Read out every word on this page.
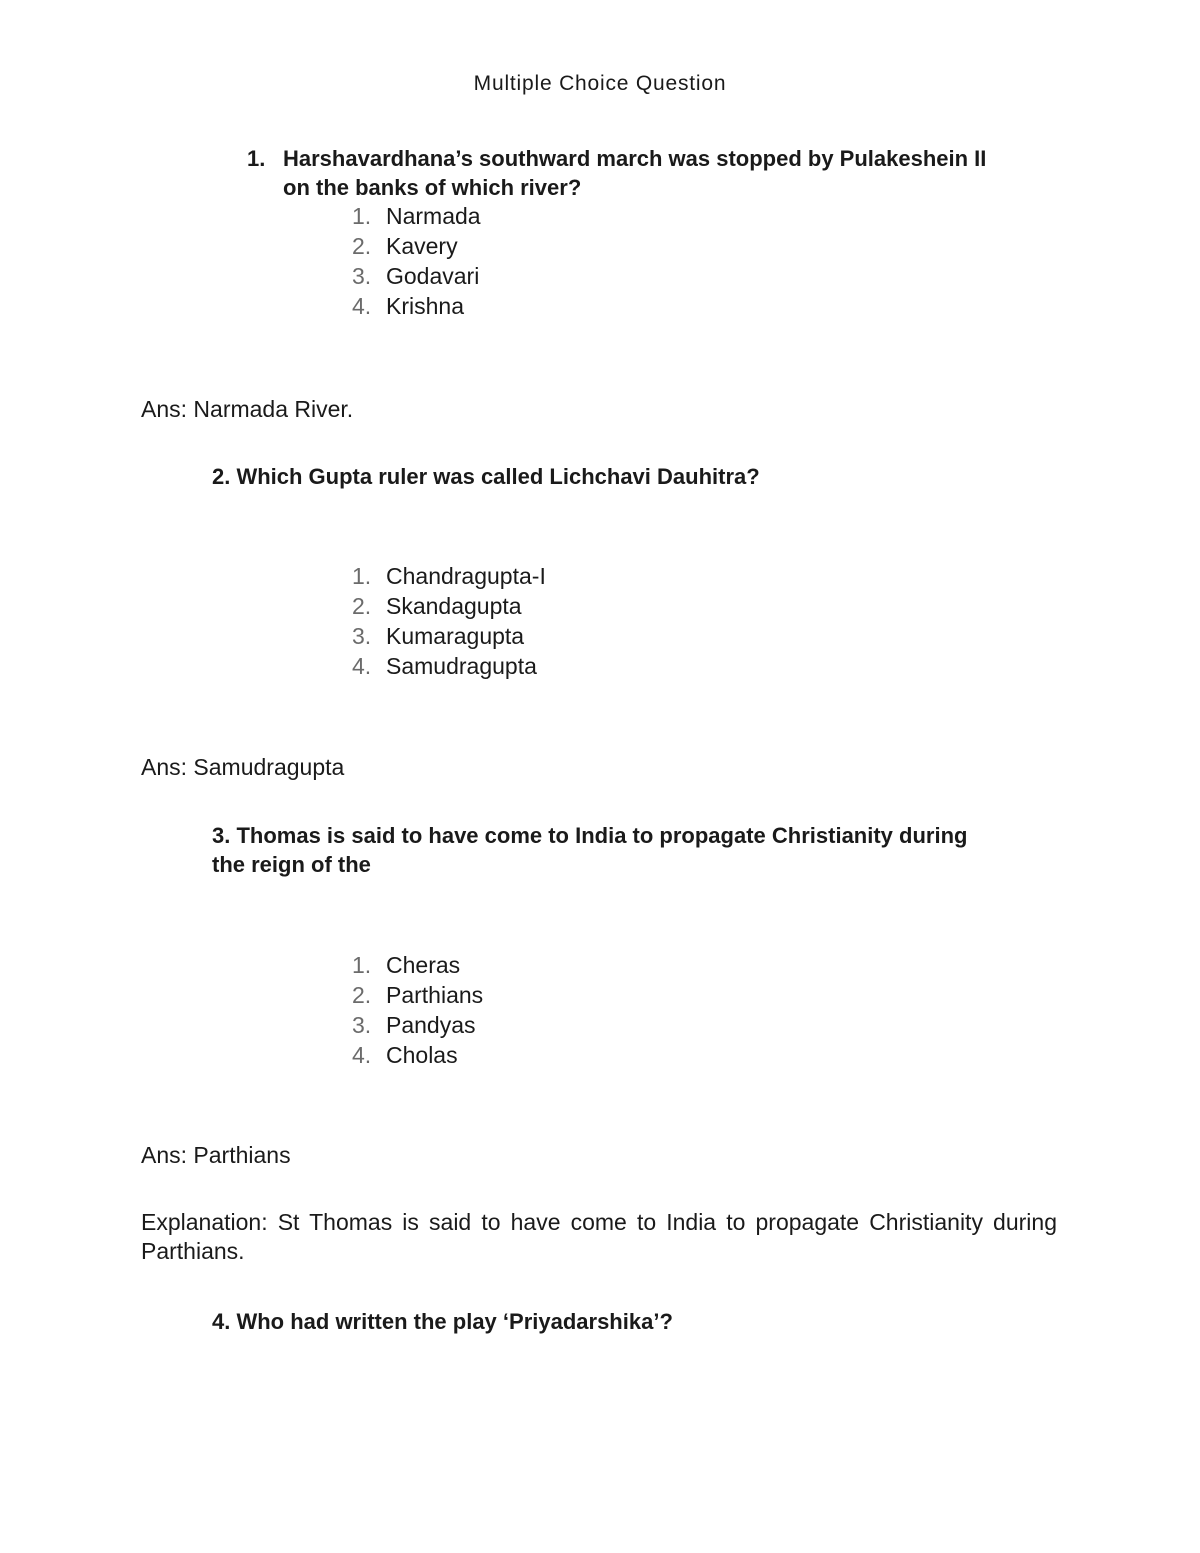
Multiple Choice Question
1. Harshavardhana’s southward march was stopped by Pulakeshein II
on the banks of which river?
1. Narmada
2. Kavery
3. Godavari
4. Krishna
Ans: Narmada River.
2. Which Gupta ruler was called Lichchavi Dauhitra?
1. Chandragupta-I
2. Skandagupta
3. Kumaragupta
4. Samudragupta
Ans: Samudragupta
3. Thomas is said to have come to India to propagate Christianity during
the reign of the
1. Cheras
2. Parthians
3. Pandyas
4. Cholas
Ans: Parthians
Explanation: St Thomas is said to have come to India to propagate Christianity during Parthians.
4. Who had written the play ‘Priyadarshika’?
